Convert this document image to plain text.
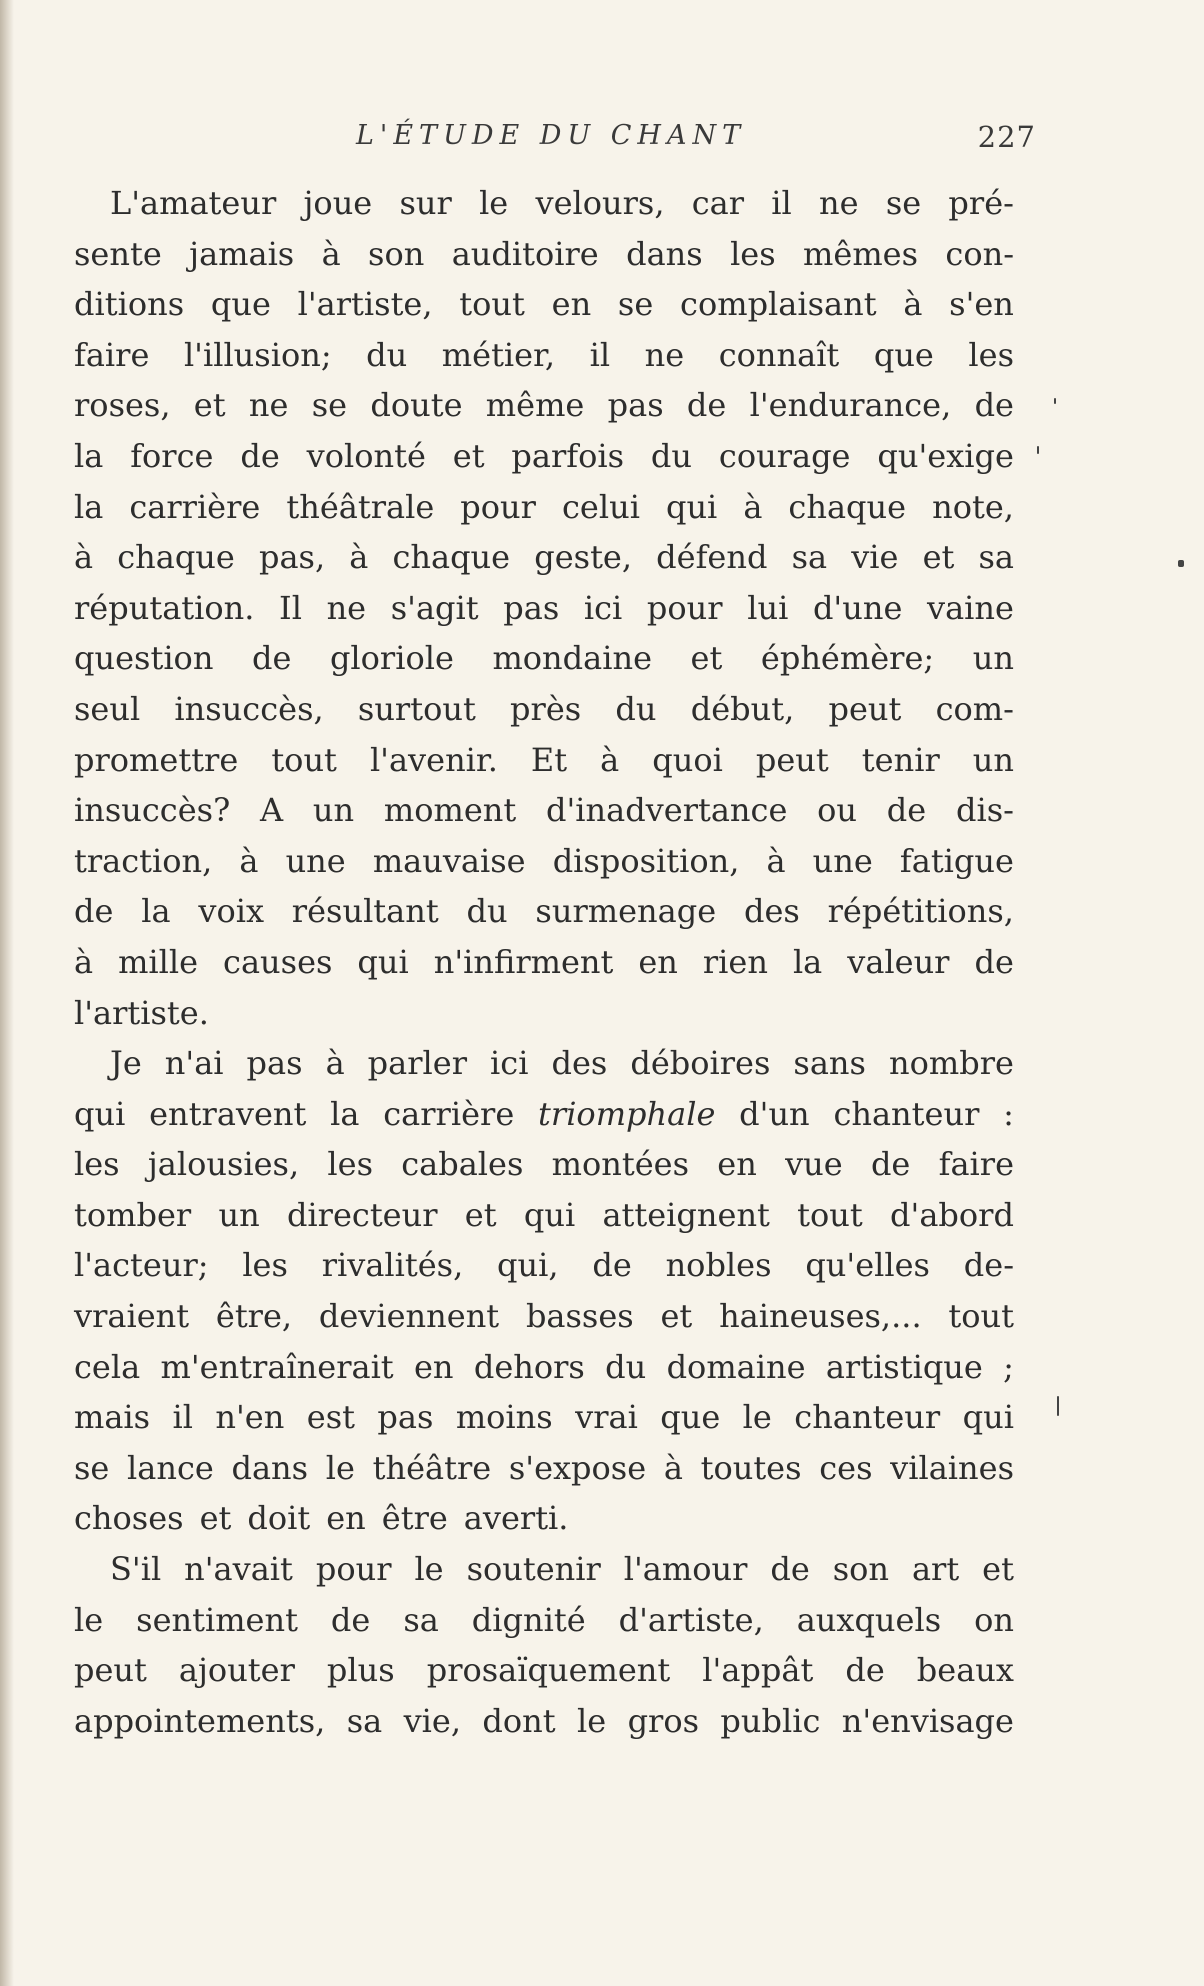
L'ÉTUDE DU CHANT	227
L'amateur joue sur le velours, car il ne se pré-
sente jamais à son auditoire dans les mêmes con-
ditions que l'artiste, tout en se complaisant à s'en
faire l'illusion; du métier, il ne connaît que les
roses, et ne se doute même pas de l'endurance, de
la force de volonté et parfois du courage qu'exige
la carrière théâtrale pour celui qui à chaque note,
à chaque pas, à chaque geste, défend sa vie et sa
réputation. Il ne s'agit pas ici pour lui d'une vaine
question de gloriole mondaine et éphémère; un
seul insuccès, surtout près du début, peut com-
promettre tout l'avenir. Et à quoi peut tenir un
insuccès? A un moment d'inadvertance ou de dis-
traction, à une mauvaise disposition, à une fatigue
de la voix résultant du surmenage des répétitions,
à mille causes qui n'infirment en rien la valeur de
l'artiste.
Je n'ai pas à parler ici des déboires sans nombre
qui entravent la carrière triomphale d'un chanteur :
les jalousies, les cabales montées en vue de faire
tomber un directeur et qui atteignent tout d'abord
l'acteur; les rivalités, qui, de nobles qu'elles de-
vraient être, deviennent basses et haineuses,... tout
cela m'entraînerait en dehors du domaine artistique ;
mais il n'en est pas moins vrai que le chanteur qui
se lance dans le théâtre s'expose à toutes ces vilaines
choses et doit en être averti.
S'il n'avait pour le soutenir l'amour de son art et
le sentiment de sa dignité d'artiste, auxquels on
peut ajouter plus prosaïquement l'appât de beaux
appointements, sa vie, dont le gros public n'envisage
